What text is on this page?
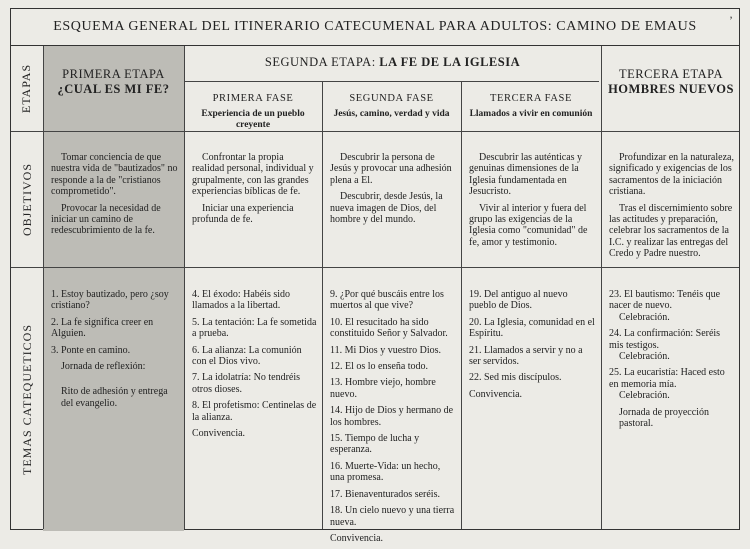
ESQUEMA GENERAL DEL ITINERARIO CATECUMENAL PARA ADULTOS: CAMINO DE EMAUS	’
ETAPAS
OBJETIVOS
TEMAS CATEQUETICOS
PRIMERA ETAPA
¿CUAL ES MI FE?
SEGUNDA ETAPA: LA FE DE LA IGLESIA
TERCERA ETAPA
HOMBRES NUEVOS
PRIMERA FASE
Experiencia de un pueblo creyente
SEGUNDA FASE
Jesús, camino, verdad y vida
TERCERA FASE
Llamados a vivir en comunión

Tomar conciencia de que nuestra vida de "bautizados" no responde a la de "cristianos comprometido".

Provocar la necesidad de iniciar un camino de redescubrimiento de la fe.

Confrontar la propia realidad personal, individual y grupalmente, con las grandes experiencias bíblicas de fe.

Iniciar una experiencia profunda de fe.

Descubrir la persona de Jesús y provocar una adhesión plena a El.

Descubrir, desde Jesús, la nueva imagen de Dios, del hombre y del mundo.

Descubrir las auténticas y genuinas dimensiones de la Iglesia fundamentada en Jesucristo.

Vivir al interior y fuera del grupo las exigencias de la Iglesia como "comunidad" de fe, amor y testimonio.

Profundizar en la naturaleza, significado y exigencias de los sacramentos de la iniciación cristiana.

Tras el discernimiento sobre las actitudes y preparación, celebrar los sacramentos de la I.C. y realizar las entregas del Credo y Padre nuestro.

1. Estoy bautizado, pero ¿soy cristiano?

2. La fe significa creer en Alguien.

3. Ponte en camino.

Jornada de reflexión:

Rito de adhesión y entrega del evangelio.

4. El éxodo: Habéis sido llamados a la libertad.

5. La tentación: La fe sometida a prueba.

6. La alianza: La comunión con el Dios vivo.

7. La idolatría: No tendréis otros dioses.

8. El profetismo: Centinelas de la alianza.

Convivencia.

9. ¿Por qué buscáis entre los muertos al que vive?

10. El resucitado ha sido constituido Señor y Salvador.

11. Mi Dios y vuestro Dios.

12. El os lo enseña todo.

13. Hombre viejo, hombre nuevo.

14. Hijo de Dios y hermano de los hombres.

15. Tiempo de lucha y esperanza.

16. Muerte-Vida: un hecho, una promesa.

17. Bienaventurados seréis.

18. Un cielo nuevo y una tierra nueva.

Convivencia.

19. Del antiguo al nuevo pueblo de Dios.

20. La Iglesia, comunidad en el Espíritu.

21. Llamados a servir y no a ser servidos.

22. Sed mis discípulos.

Convivencia.

23. El bautismo: Tenéis que nacer de nuevo.

Celebración.

24. La confirmación: Seréis mis testigos.

Celebración.

25. La eucaristía: Haced esto en memoria mía.

Celebración.

Jornada de proyección pastoral.
